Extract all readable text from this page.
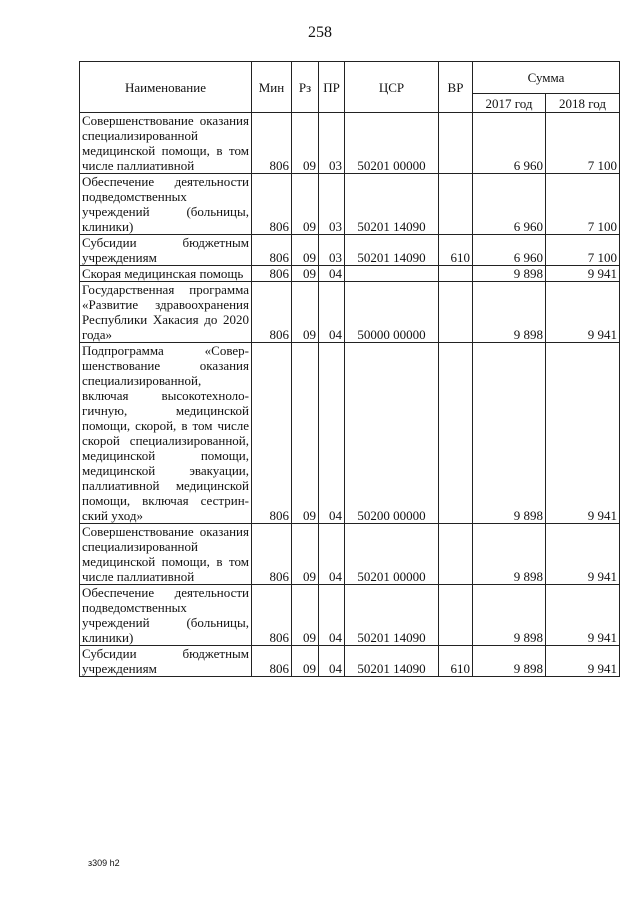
258
Наименование	Мин	Рз	ПР	ЦСР	ВР	Сумма	
						2017 год	2018 год
Совершенствование оказания специализированной медицинской помощи, в том числе паллиативной	806	09	03	50201 00000		6 960	7 100
Обеспечение деятельности подведомственных учреждений (больницы, клиники)	806	09	03	50201 14090		6 960	7 100
Субсидии бюджетным учреждениям	806	09	03	50201 14090	610	6 960	7 100
Скорая медицинская помощь	806	09	04			9 898	9 941
Государственная программа «Развитие здравоохранения Республики Хакасия до 2020 года»	806	09	04	50000 00000		9 898	9 941
Подпрограмма «Совершенствование оказания специализированной, включая высокотехнологичную, медицинской помощи, скорой, в том числе скорой специализированной, медицинской помощи, медицинской эвакуации, паллиативной медицинской помощи, включая сестринский уход»	806	09	04	50200 00000		9 898	9 941
Совершенствование оказания специализированной медицинской помощи, в том числе паллиативной	806	09	04	50201 00000		9 898	9 941
Обеспечение деятельности подведомственных учреждений (больницы, клиники)	806	09	04	50201 14090		9 898	9 941
Субсидии бюджетным учреждениям	806	09	04	50201 14090	610	9 898	9 941
з309 h2
